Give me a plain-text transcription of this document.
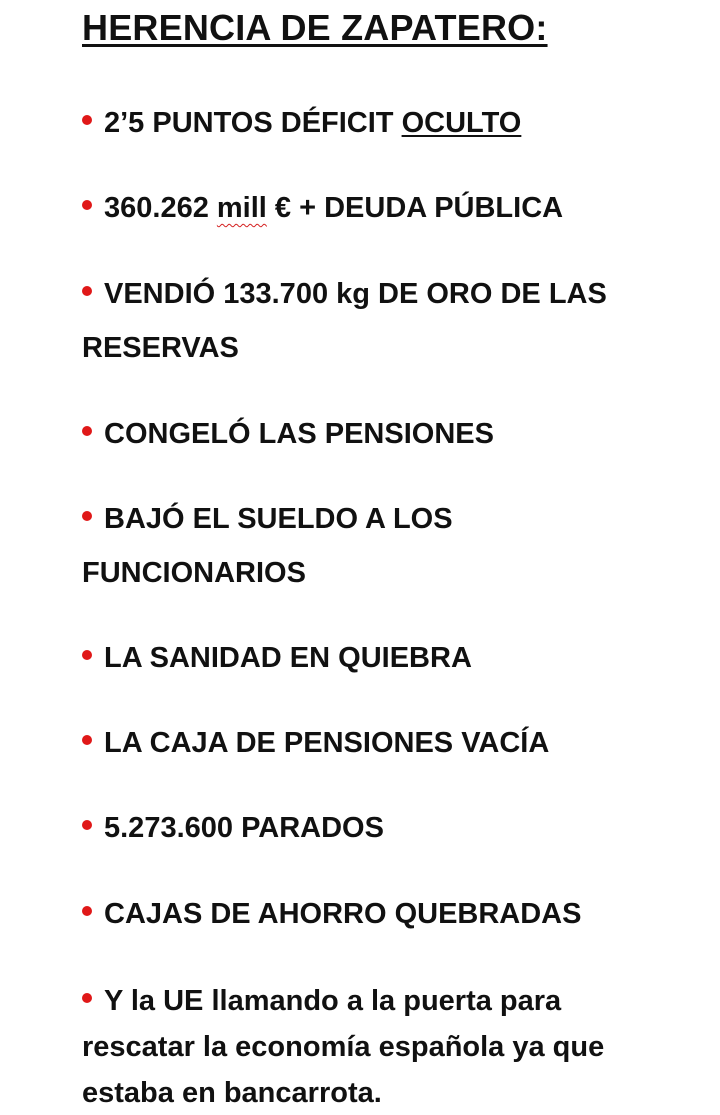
HERENCIA DE ZAPATERO:
2’5 PUNTOS DÉFICIT OCULTO
360.262 mill € + DEUDA PÚBLICA
VENDIÓ 133.700 kg DE ORO DE LAS RESERVAS
CONGELÓ LAS PENSIONES
BAJÓ EL SUELDO A LOS FUNCIONARIOS
LA SANIDAD EN QUIEBRA
LA CAJA DE PENSIONES VACÍA
5.273.600 PARADOS
CAJAS DE AHORRO QUEBRADAS
Y la UE llamando a la puerta para rescatar la economía española ya que estaba en bancarrota.
